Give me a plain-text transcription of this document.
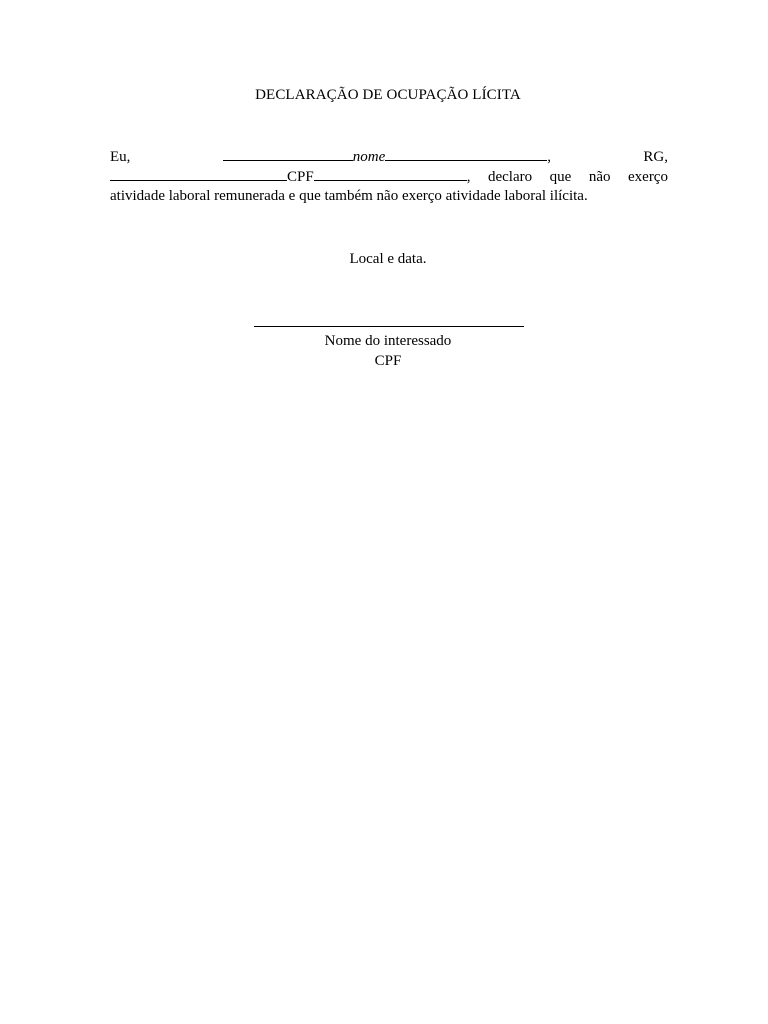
DECLARAÇÃO DE OCUPAÇÃO LÍCITA
Eu,	nome	,	RG,
CPF	, declaro que não exerço
atividade laboral remunerada e que também não exerço atividade laboral ilícita.
Local e data.
Nome do interessado
CPF
